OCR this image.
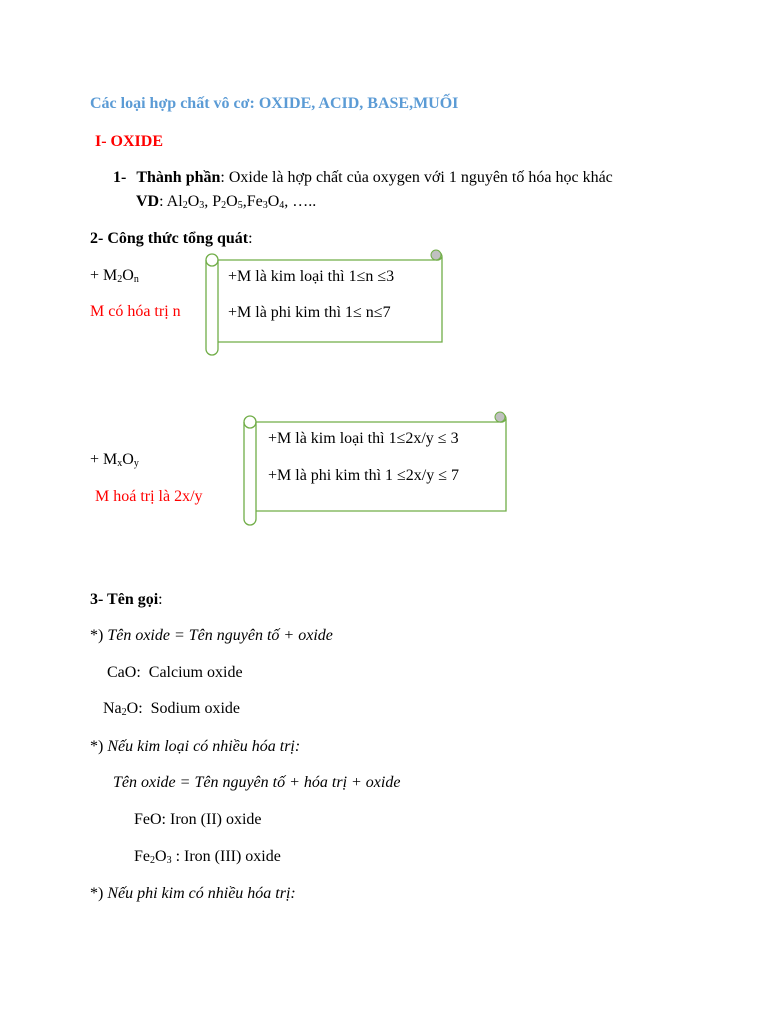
Các loại hợp chất vô cơ: OXIDE, ACID, BASE,MUỐI
I- OXIDE
1- Thành phần: Oxide là hợp chất của oxygen với 1 nguyên tố hóa học khác
VD: $Al_2O_3$, $P_2O_5,Fe_3O_4$, …..
2- Công thức tổng quát:
+ $M_2O_n$
M có hóa trị n
+M là kim loại thì 1≤n ≤3
+M là phi kim thì 1≤ n≤7
+M là kim loại thì 1≤2x/y ≤ 3
+M là phi kim thì 1 ≤2x/y ≤ 7
+ $M_xO_y$
M hoá trị là 2x/y
3- Tên gọi:
*) Tên oxide = Tên nguyên tố + oxide
CaO: Calcium oxide
$Na_2O$: Sodium oxide
*) Nếu kim loại có nhiều hóa trị:
Tên oxide = Tên nguyên tố + hóa trị + oxide
FeO: Iron (II) oxide
$Fe_2O_3$ : Iron (III) oxide
*) Nếu phi kim có nhiều hóa trị:
